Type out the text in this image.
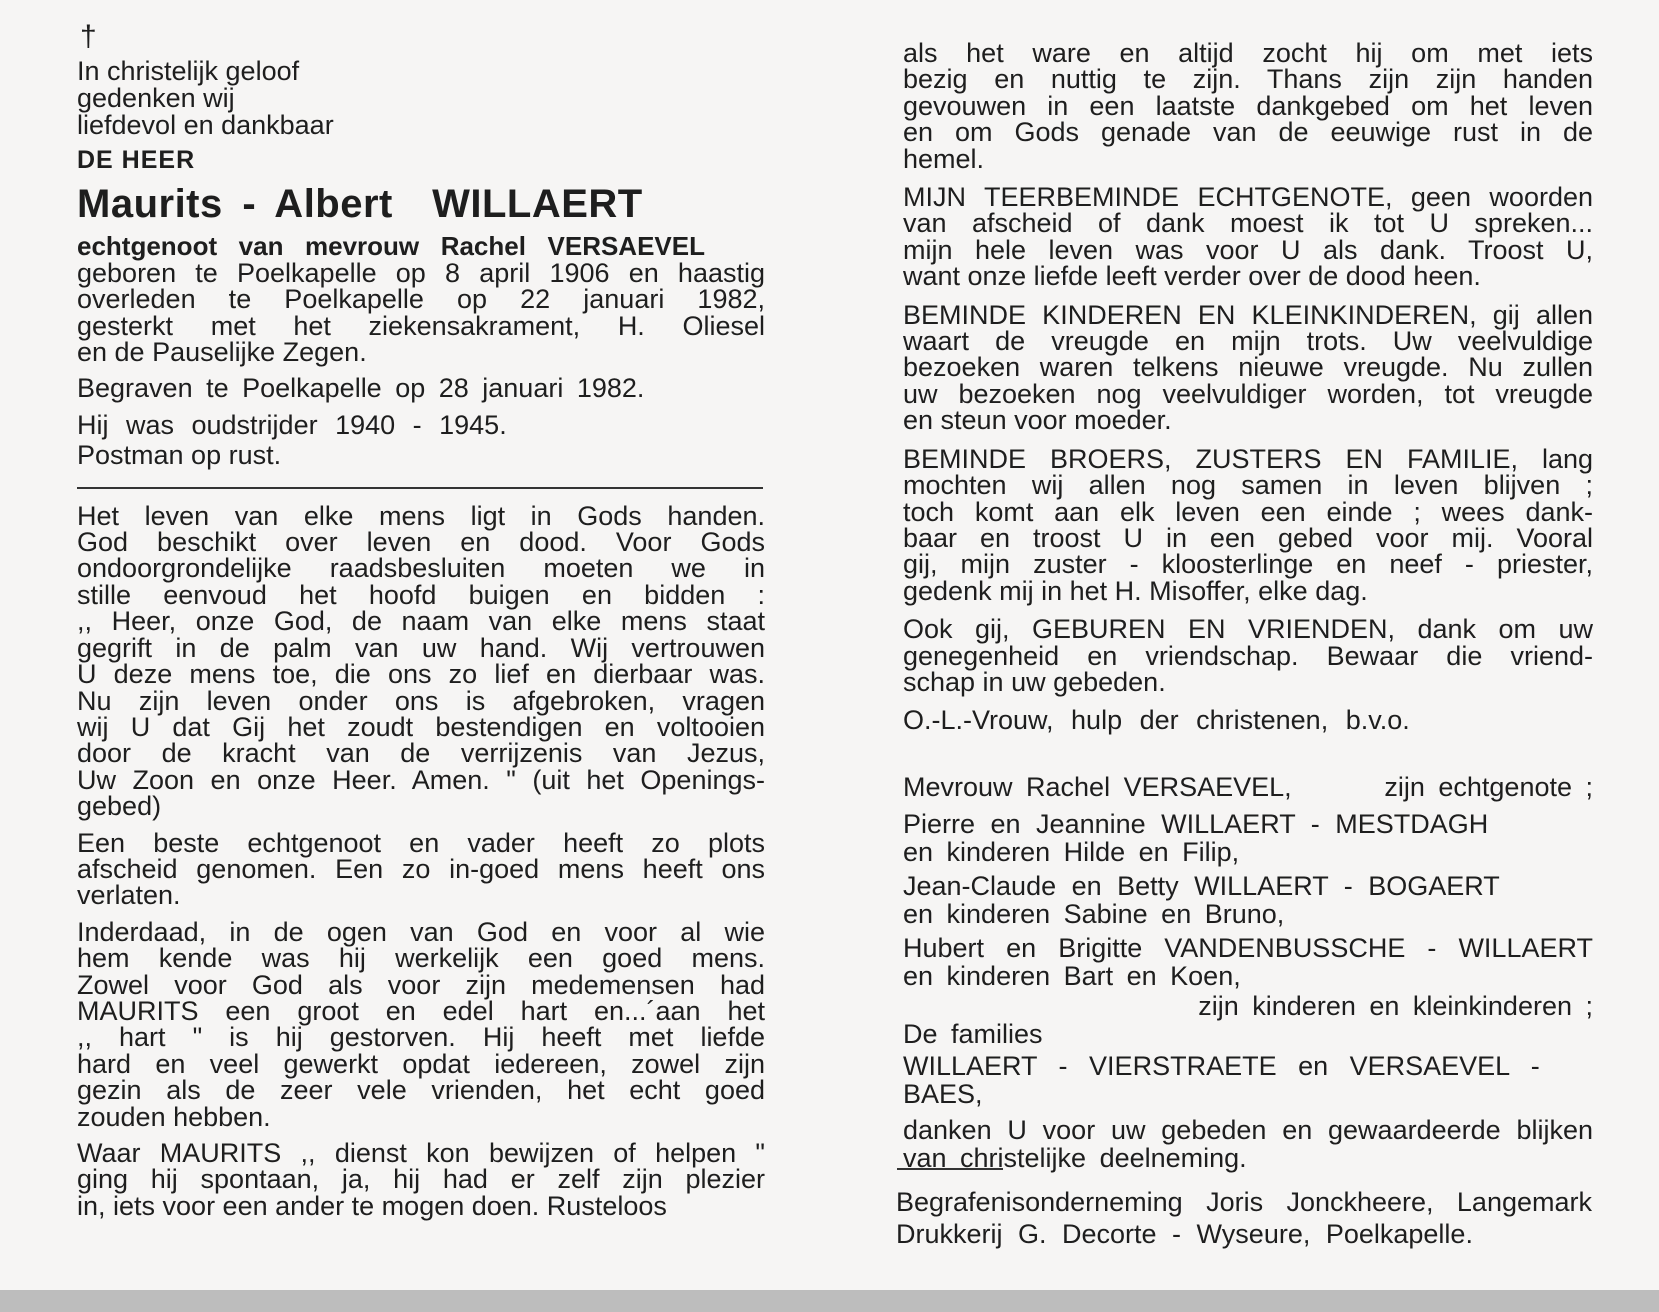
†

In christelijk geloof

gedenken wij

liefdevol en dankbaar

DE HEER
Maurits - Albert  WILLAERT
echtgenoot van mevrouw Rachel VERSAEVEL

geboren te Poelkapelle op 8 april 1906 en haastig

overleden te Poelkapelle op 22 januari 1982,

gesterkt met het ziekensakrament, H. Oliesel

en de Pauselijke Zegen.

Begraven te Poelkapelle op 28 januari 1982.

Hij was oudstrijder 1940 - 1945.

Postman op rust.

Het leven van elke mens ligt in Gods handen.

God beschikt over leven en dood. Voor Gods

ondoorgrondelijke raadsbesluiten moeten we in

stille eenvoud het hoofd buigen en bidden :

,, Heer, onze God, de naam van elke mens staat

gegrift in de palm van uw hand. Wij vertrouwen

U deze mens toe, die ons zo lief en dierbaar was.

Nu zijn leven onder ons is afgebroken, vragen

wij U dat Gij het zoudt bestendigen en voltooien

door de kracht van de verrijzenis van Jezus,

Uw Zoon en onze Heer. Amen. " (uit het Openings-

gebed)

Een beste echtgenoot en vader heeft zo plots

afscheid genomen. Een zo in-goed mens heeft ons

verlaten.

Inderdaad, in de ogen van God en voor al wie

hem kende was hij werkelijk een goed mens.

Zowel voor God als voor zijn medemensen had

MAURITS een groot en edel hart en...´aan het

,, hart " is hij gestorven. Hij heeft met liefde

hard en veel gewerkt opdat iedereen, zowel zijn

gezin als de zeer vele vrienden, het echt goed

zouden hebben.

Waar MAURITS ,, dienst kon bewijzen of helpen "

ging hij spontaan, ja, hij had er zelf zijn plezier

in, iets voor een ander te mogen doen. Rusteloos

als het ware en altijd zocht hij om met iets

bezig en nuttig te zijn. Thans zijn zijn handen

gevouwen in een laatste dankgebed om het leven

en om Gods genade van de eeuwige rust in de

hemel.

MIJN TEERBEMINDE ECHTGENOTE, geen woorden

van afscheid of dank moest ik tot U spreken...

mijn hele leven was voor U als dank. Troost U,

want onze liefde leeft verder over de dood heen.

BEMINDE KINDEREN EN KLEINKINDEREN, gij allen

waart de vreugde en mijn trots. Uw veelvuldige

bezoeken waren telkens nieuwe vreugde. Nu zullen

uw bezoeken nog veelvuldiger worden, tot vreugde

en steun voor moeder.

BEMINDE BROERS, ZUSTERS EN FAMILIE, lang

mochten wij allen nog samen in leven blijven ;

toch komt aan elk leven een einde ; wees dank-

baar en troost U in een gebed voor mij. Vooral

gij, mijn zuster - kloosterlinge en neef - priester,

gedenk mij in het H. Misoffer, elke dag.

Ook gij, GEBUREN EN VRIENDEN, dank om uw

genegenheid en vriendschap. Bewaar die vriend-

schap in uw gebeden.

O.-L.-Vrouw, hulp der christenen, b.v.o.

Mevrouw Rachel VERSAEVEL,	zijn echtgenote ;

Pierre en Jeannine WILLAERT - MESTDAGH

en kinderen Hilde en Filip,

Jean-Claude en Betty WILLAERT - BOGAERT

en kinderen Sabine en Bruno,

Hubert en Brigitte VANDENBUSSCHE - WILLAERT

en kinderen Bart en Koen,

zijn kinderen en kleinkinderen ;

De families

WILLAERT - VIERSTRAETE en VERSAEVEL - BAES,

danken U voor uw gebeden en gewaardeerde blijken

van christelijke deelneming.

Begrafenisonderneming Joris Jonckheere, Langemark

Drukkerij G. Decorte - Wyseure, Poelkapelle.
